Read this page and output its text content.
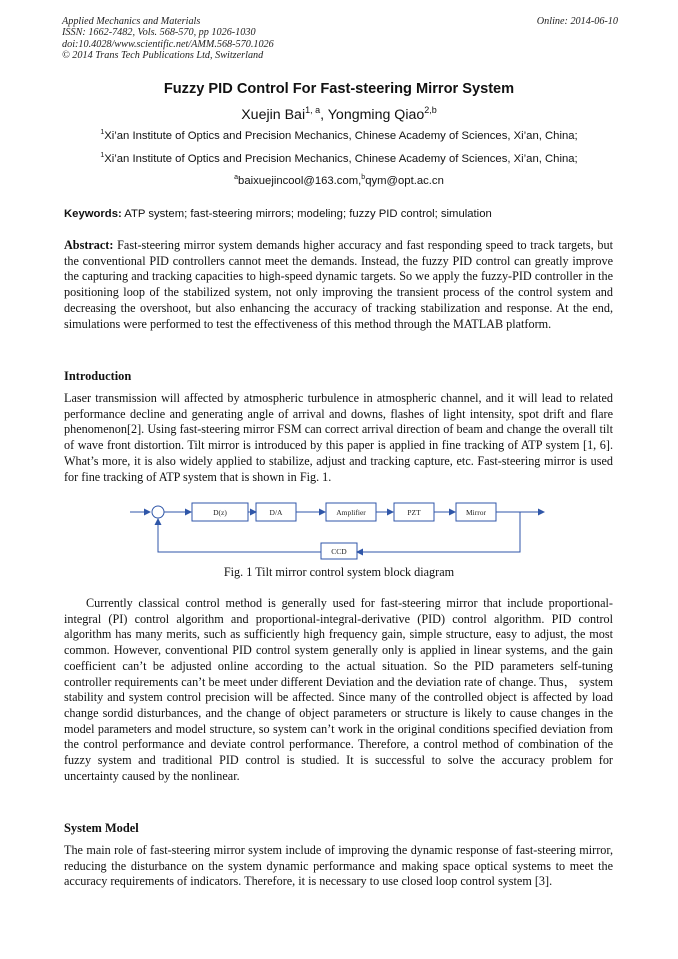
Applied Mechanics and Materials
ISSN: 1662-7482, Vols. 568-570, pp 1026-1030
doi:10.4028/www.scientific.net/AMM.568-570.1026
© 2014 Trans Tech Publications Ltd, Switzerland
Online: 2014-06-10
Fuzzy PID Control For Fast-steering Mirror System
Xuejin Bai$^{1, a}$, Yongming Qiao$^{2,b}$
$^1$Xi’an Institute of Optics and Precision Mechanics, Chinese Academy of Sciences, Xi’an, China;
$^1$Xi’an Institute of Optics and Precision Mechanics, Chinese Academy of Sciences, Xi’an, China;
$^a$baixuejincool@163.com,$^b$qym@opt.ac.cn
Keywords: ATP system; fast-steering mirrors; modeling; fuzzy PID control; simulation

Abstract: Fast-steering mirror system demands higher accuracy and fast responding speed to track targets, but the conventional PID controllers cannot meet the demands. Instead, the fuzzy PID control can greatly improve the capturing and tracking capacities to high-speed dynamic targets. So we apply the fuzzy-PID controller in the positioning loop of the stabilized system, not only improving the transient process of the control system and decreasing the overshoot, but also enhancing the accuracy of tracking stabilization and response. At the end, simulations were performed to test the effectiveness of this method through the MATLAB platform.

Introduction

Laser transmission will affected by atmospheric turbulence in atmospheric channel, and it will lead to related performance decline and generating angle of arrival and downs, flashes of light intensity, spot drift and flare phenomenon[2]. Using fast-steering mirror FSM can correct arrival direction of beam and change the overall tilt of wave front distortion. Tilt mirror is introduced by this paper is applied in fine tracking of ATP system [1, 6]. What’s more, it is also widely applied to stabilize, adjust and tracking capture, etc. Fast-steering mirror is used for fine tracking of ATP system that is shown in Fig. 1.

D(z)	D/A	Amplifier	PZT	Mirror
CCD
Fig. 1 Tilt mirror control system block diagram

Currently classical control method is generally used for fast-steering mirror that include proportional-integral (PI) control algorithm and proportional-integral-derivative (PID) control algorithm. PID control algorithm has many merits, such as sufficiently high frequency gain, simple structure, easy to adjust, the most common. However, conventional PID control system generally only is applied in linear systems, and the gain coefficient can’t be adjusted online according to the actual situation. So the PID parameters self-tuning controller requirements can’t be meet under different Deviation and the deviation rate of change. Thus， system stability and system control precision will be affected. Since many of the controlled object is affected by load change sordid disturbances, and the change of object parameters or structure is likely to cause changes in the model parameters and model structure, so system can’t work in the original conditions specified deviation from the control performance and deviate control performance. Therefore, a control method of combination of the fuzzy system and traditional PID control is studied. It is successful to solve the accuracy problem for uncertainty caused by the nonlinear.

System Model

The main role of fast-steering mirror system include of improving the dynamic response of fast-steering mirror, reducing the disturbance on the system dynamic performance and making space optical systems to meet the accuracy requirements of indicators. Therefore, it is necessary to use closed loop control system [3].
